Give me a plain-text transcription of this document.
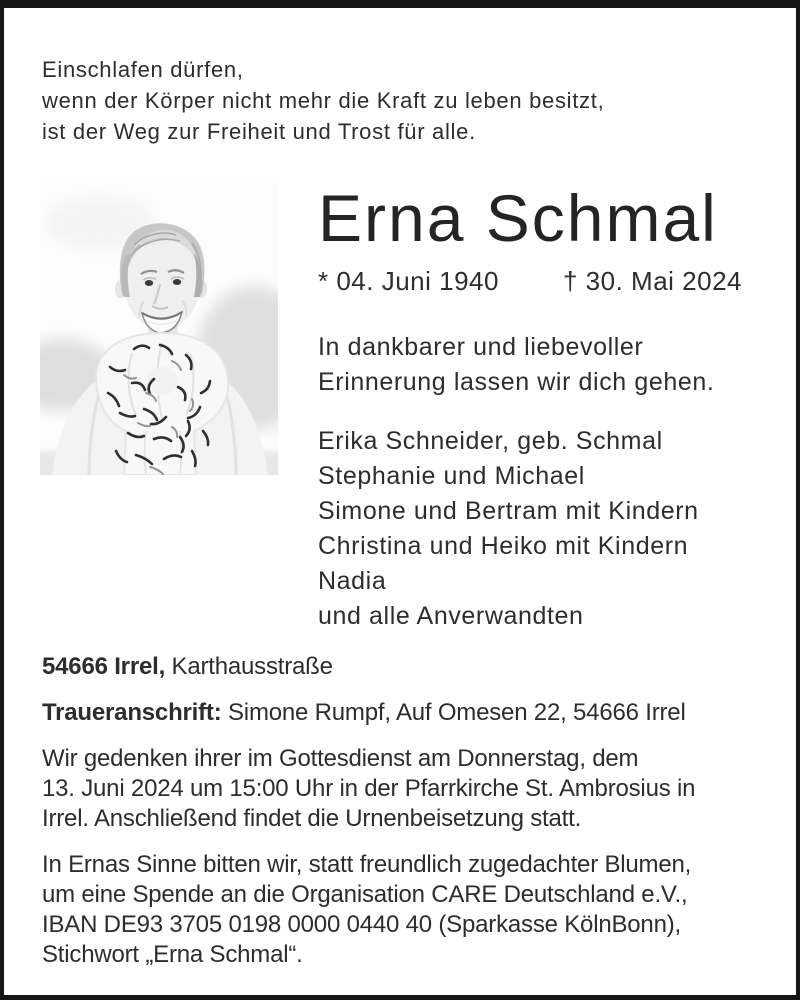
Einschlafen dürfen,
wenn der Körper nicht mehr die Kraft zu leben besitzt,
ist der Weg zur Freiheit und Trost für alle.
Erna Schmal
* 04. Juni 1940 † 30. Mai 2024
In dankbarer und liebevoller
Erinnerung lassen wir dich gehen.
Erika Schneider, geb. Schmal
Stephanie und Michael
Simone und Bertram mit Kindern
Christina und Heiko mit Kindern
Nadia
und alle Anverwandten

54666 Irrel, Karthausstraße

Traueranschrift: Simone Rumpf, Auf Omesen 22, 54666 Irrel

Wir gedenken ihrer im Gottesdienst am Donnerstag, dem
13. Juni 2024 um 15:00 Uhr in der Pfarrkirche St. Ambrosius in
Irrel. Anschließend findet die Urnenbeisetzung statt.
In Ernas Sinne bitten wir, statt freundlich zugedachter Blumen,
um eine Spende an die Organisation CARE Deutschland e.V.,
IBAN DE93 3705 0198 0000 0440 40 (Sparkasse KölnBonn),
Stichwort „Erna Schmal“.
